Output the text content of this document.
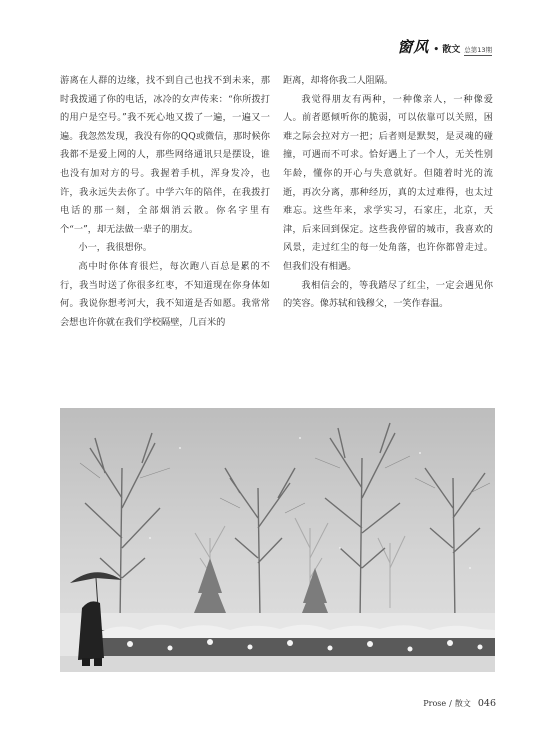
窗风 • 散文 总第13期

游离在人群的边缘，找不到自己也找不到未来，那时我拨通了你的电话，冰冷的女声传来：“你所拨打的用户是空号。”我不死心地又拨了一遍，一遍又一遍。我忽然发现，我没有你的QQ或微信，那时候你我都不是爱上网的人，那些网络通讯只是摆设，谁也没有加对方的号。我握着手机，浑身发冷，也许，我永远失去你了。中学六年的陪伴，在我拨打电话的那一刻，全部烟消云散。你名字里有个“一”，却无法做一辈子的朋友。

小一，我很想你。

高中时你体育很烂，每次跑八百总是累的不行，我当时送了你很多红枣，不知道现在你身体如何。我说你想考河大，我不知道是否如愿。我常常会想也许你就在我们学校隔壁，几百米的

距离，却将你我二人阻隔。

我觉得朋友有两种，一种像亲人，一种像爱人。前者愿倾听你的脆弱，可以依靠可以关照，困难之际会拉对方一把；后者则是默契，是灵魂的碰撞，可遇而不可求。恰好遇上了一个人，无关性别年龄，懂你的开心与失意就好。但随着时光的流逝，再次分离，那种经历，真的太过难得，也太过难忘。这些年来，求学实习，石家庄，北京，天津，后来回到保定。这些我停留的城市，我喜欢的风景，走过红尘的每一处角落，也许你都曾走过。但我们没有相遇。

我相信会的，等我踏尽了红尘，一定会遇见你的笑容。像苏轼和钱穆父，一笑作春温。

Prose / 散文 046
